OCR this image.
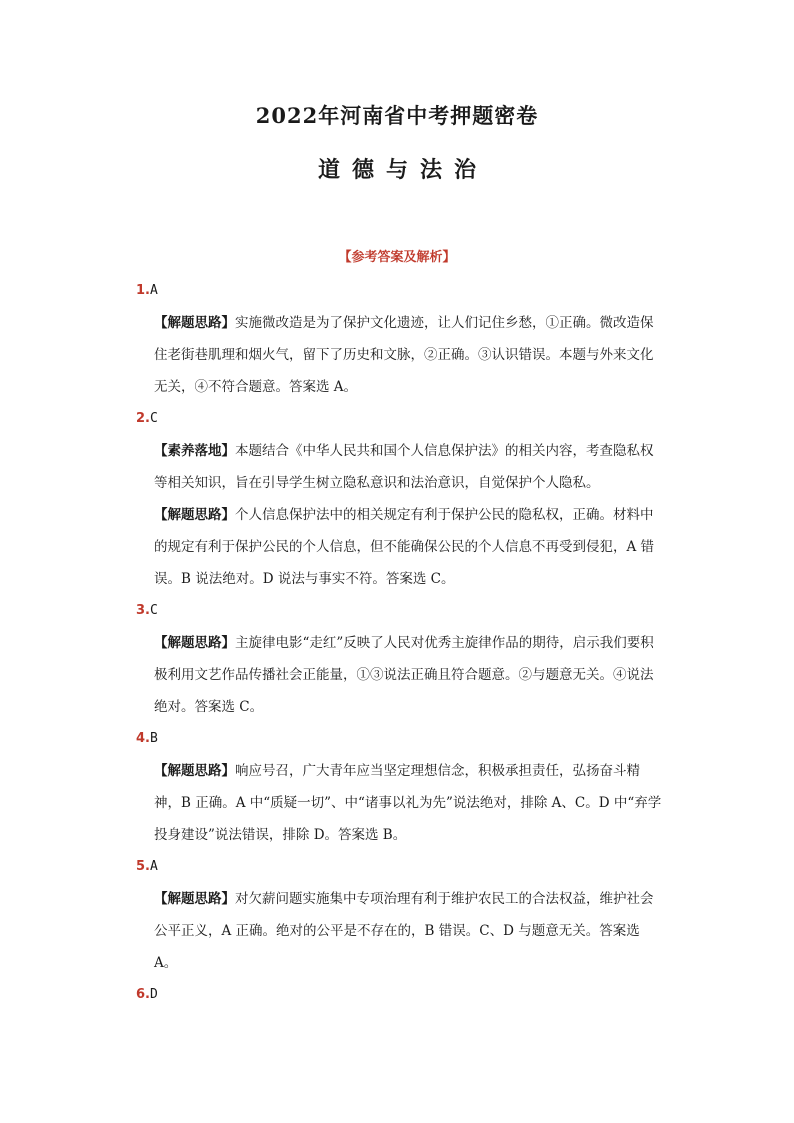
2022年河南省中考押题密卷
道德与法治
【参考答案及解析】
1.A

【解题思路】实施微改造是为了保护文化遗迹，让人们记住乡愁，①正确。微改造保住老街巷肌理和烟火气，留下了历史和文脉，②正确。③认识错误。本题与外来文化无关，④不符合题意。答案选 A。

2.C

【素养落地】本题结合《中华人民共和国个人信息保护法》的相关内容，考查隐私权等相关知识，旨在引导学生树立隐私意识和法治意识，自觉保护个人隐私。

【解题思路】个人信息保护法中的相关规定有利于保护公民的隐私权，正确。材料中的规定有利于保护公民的个人信息，但不能确保公民的个人信息不再受到侵犯，A 错误。B 说法绝对。D 说法与事实不符。答案选 C。

3.C

【解题思路】主旋律电影“走红”反映了人民对优秀主旋律作品的期待，启示我们要积极利用文艺作品传播社会正能量，①③说法正确且符合题意。②与题意无关。④说法绝对。答案选 C。

4.B

【解题思路】响应号召，广大青年应当坚定理想信念，积极承担责任，弘扬奋斗精神，B 正确。A 中“质疑一切”、中“诸事以礼为先”说法绝对，排除 A、C。D 中“弃学投身建设”说法错误，排除 D。答案选 B。

5.A

【解题思路】对欠薪问题实施集中专项治理有利于维护农民工的合法权益，维护社会公平正义，A 正确。绝对的公平是不存在的，B 错误。C、D 与题意无关。答案选 A。

6.D
